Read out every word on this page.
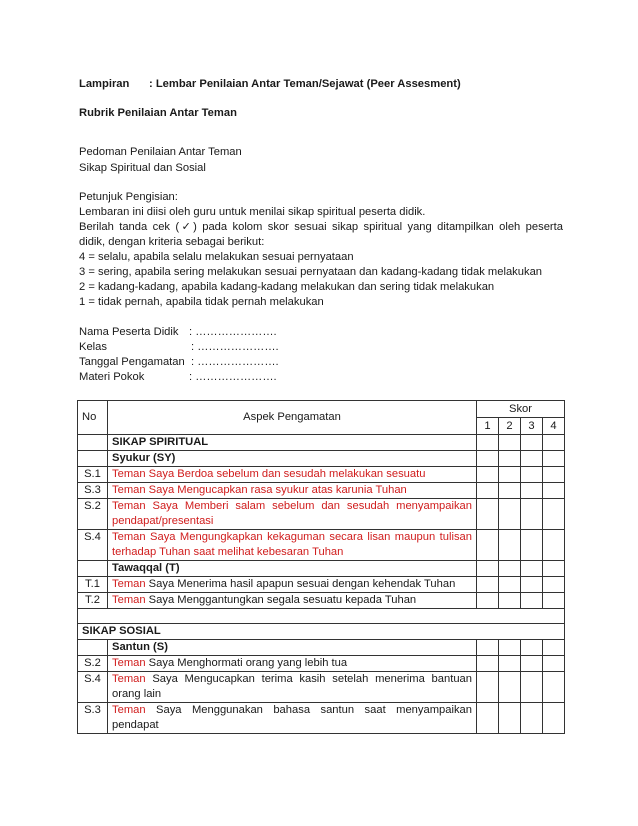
Lampiran : Lembar Penilaian Antar Teman/Sejawat (Peer Assesment)
Rubrik Penilaian Antar Teman
Pedoman Penilaian Antar Teman
Sikap Spiritual dan Sosial
Petunjuk Pengisian:
Lembaran ini diisi oleh guru untuk menilai sikap spiritual peserta didik.
Berilah tanda cek (✓) pada kolom skor sesuai sikap spiritual yang ditampilkan oleh peserta
didik, dengan kriteria sebagai berikut:
4 = selalu, apabila selalu melakukan sesuai pernyataan
3 = sering, apabila sering melakukan sesuai pernyataan dan kadang-kadang tidak melakukan
2 = kadang-kadang, apabila kadang-kadang melakukan dan sering tidak melakukan
1 = tidak pernah, apabila tidak pernah melakukan
Nama Peserta Didik : ………………….
Kelas	: ………………….
Tanggal Pengamatan : ………………….
Materi Pokok	: ………………….
No	Aspek Pengamatan	Skor			
		1	2	3	4
	SIKAP SPIRITUAL				
	Syukur (SY)				
S.1	Teman Saya Berdoa sebelum dan sesudah melakukan sesuatu				
S.3	Teman Saya Mengucapkan rasa syukur atas karunia Tuhan				
S.2	Teman Saya Memberi salam sebelum dan sesudah menyampaikan
pendapat/presentasi				

S.4	Teman Saya Mengungkapkan kekaguman secara lisan maupun tulisan
terhadap Tuhan saat melihat kebesaran Tuhan				

	Tawaqqal (T)				
T.1	Teman Saya Menerima hasil apapun sesuai dengan kehendak Tuhan				
T.2	Teman Saya Menggantungkan segala sesuatu kepada Tuhan				

SIKAP SOSIAL					
	Santun (S)				
S.2	Teman Saya Menghormati orang yang lebih tua				
S.4	Teman Saya Mengucapkan terima kasih setelah menerima bantuan
orang lain				

S.3	Teman Saya Menggunakan bahasa santun saat menyampaikan
pendapat				
